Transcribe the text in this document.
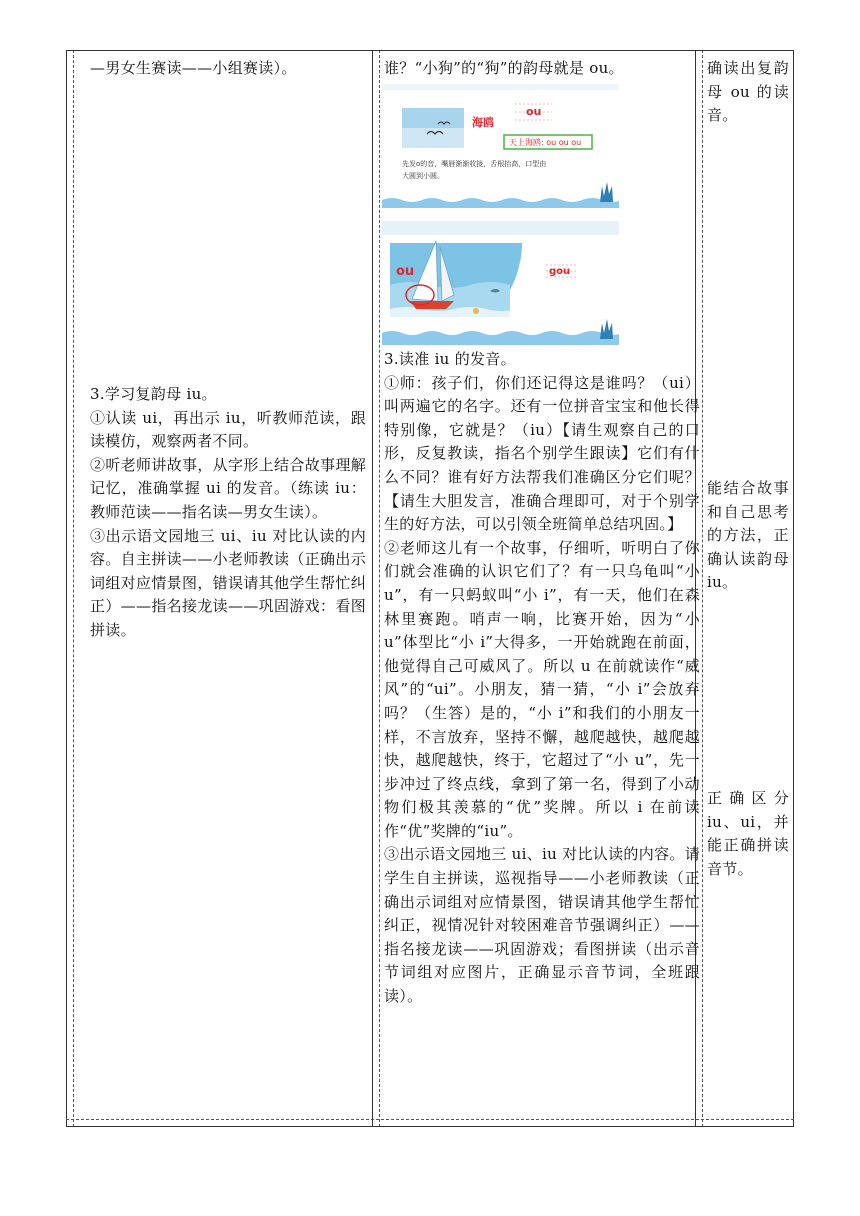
—男女生赛读——小组赛读）。

3.学习复韵母 iu。

①认读 ui，再出示 iu，听教师范读，跟读模仿，观察两者不同。

②听老师讲故事，从字形上结合故事理解记忆，准确掌握 ui 的发音。（练读 iu：教师范读——指名读—男女生读）。

③出示语文园地三 ui、iu 对比认读的内容。自主拼读——小老师教读（正确出示词组对应情景图，错误请其他学生帮忙纠正）——指名接龙读——巩固游戏：看图拼读。

谁？“小狗”的“狗”的韵母就是 ou。

海鸥
ou
天上海鸥: ou ou ou
先发o的音，嘴唇渐渐收拢，舌根抬高，口型由
大圆到小圆。
ou	gou

3.读准 iu 的发音。

①师：孩子们，你们还记得这是谁吗？（ui）叫两遍它的名字。还有一位拼音宝宝和他长得特别像，它就是？（iu）【请生观察自己的口形，反复教读，指名个别学生跟读】它们有什么不同？谁有好方法帮我们准确区分它们呢？【请生大胆发言，准确合理即可，对于个别学生的好方法，可以引领全班简单总结巩固。】

②老师这儿有一个故事，仔细听，听明白了你们就会准确的认识它们了？有一只乌龟叫“小 u”，有一只蚂蚁叫“小 i”，有一天，他们在森林里赛跑。哨声一响，比赛开始，因为“小 u”体型比“小 i”大得多，一开始就跑在前面，他觉得自己可威风了。所以 u 在前就读作“威风”的“ui”。小朋友，猜一猜，“小 i”会放弃吗？（生答）是的，“小 i”和我们的小朋友一样，不言放弃，坚持不懈，越爬越快，越爬越快，越爬越快，终于，它超过了“小 u”，先一步冲过了终点线，拿到了第一名，得到了小动物们极其羡慕的“优”奖牌。所以 i 在前读作“优”奖牌的“iu”。

③出示语文园地三 ui、iu 对比认读的内容。请学生自主拼读，巡视指导——小老师教读（正确出示词组对应情景图，错误请其他学生帮忙纠正，视情况针对较困难音节强调纠正）——指名接龙读——巩固游戏；看图拼读（出示音节词组对应图片，正确显示音节词，全班跟读）。

确读出复韵母 ou 的读音。

能结合故事和自己思考的方法，正确认读韵母 iu。

正确区分 iu、ui，并能正确拼读音节。
